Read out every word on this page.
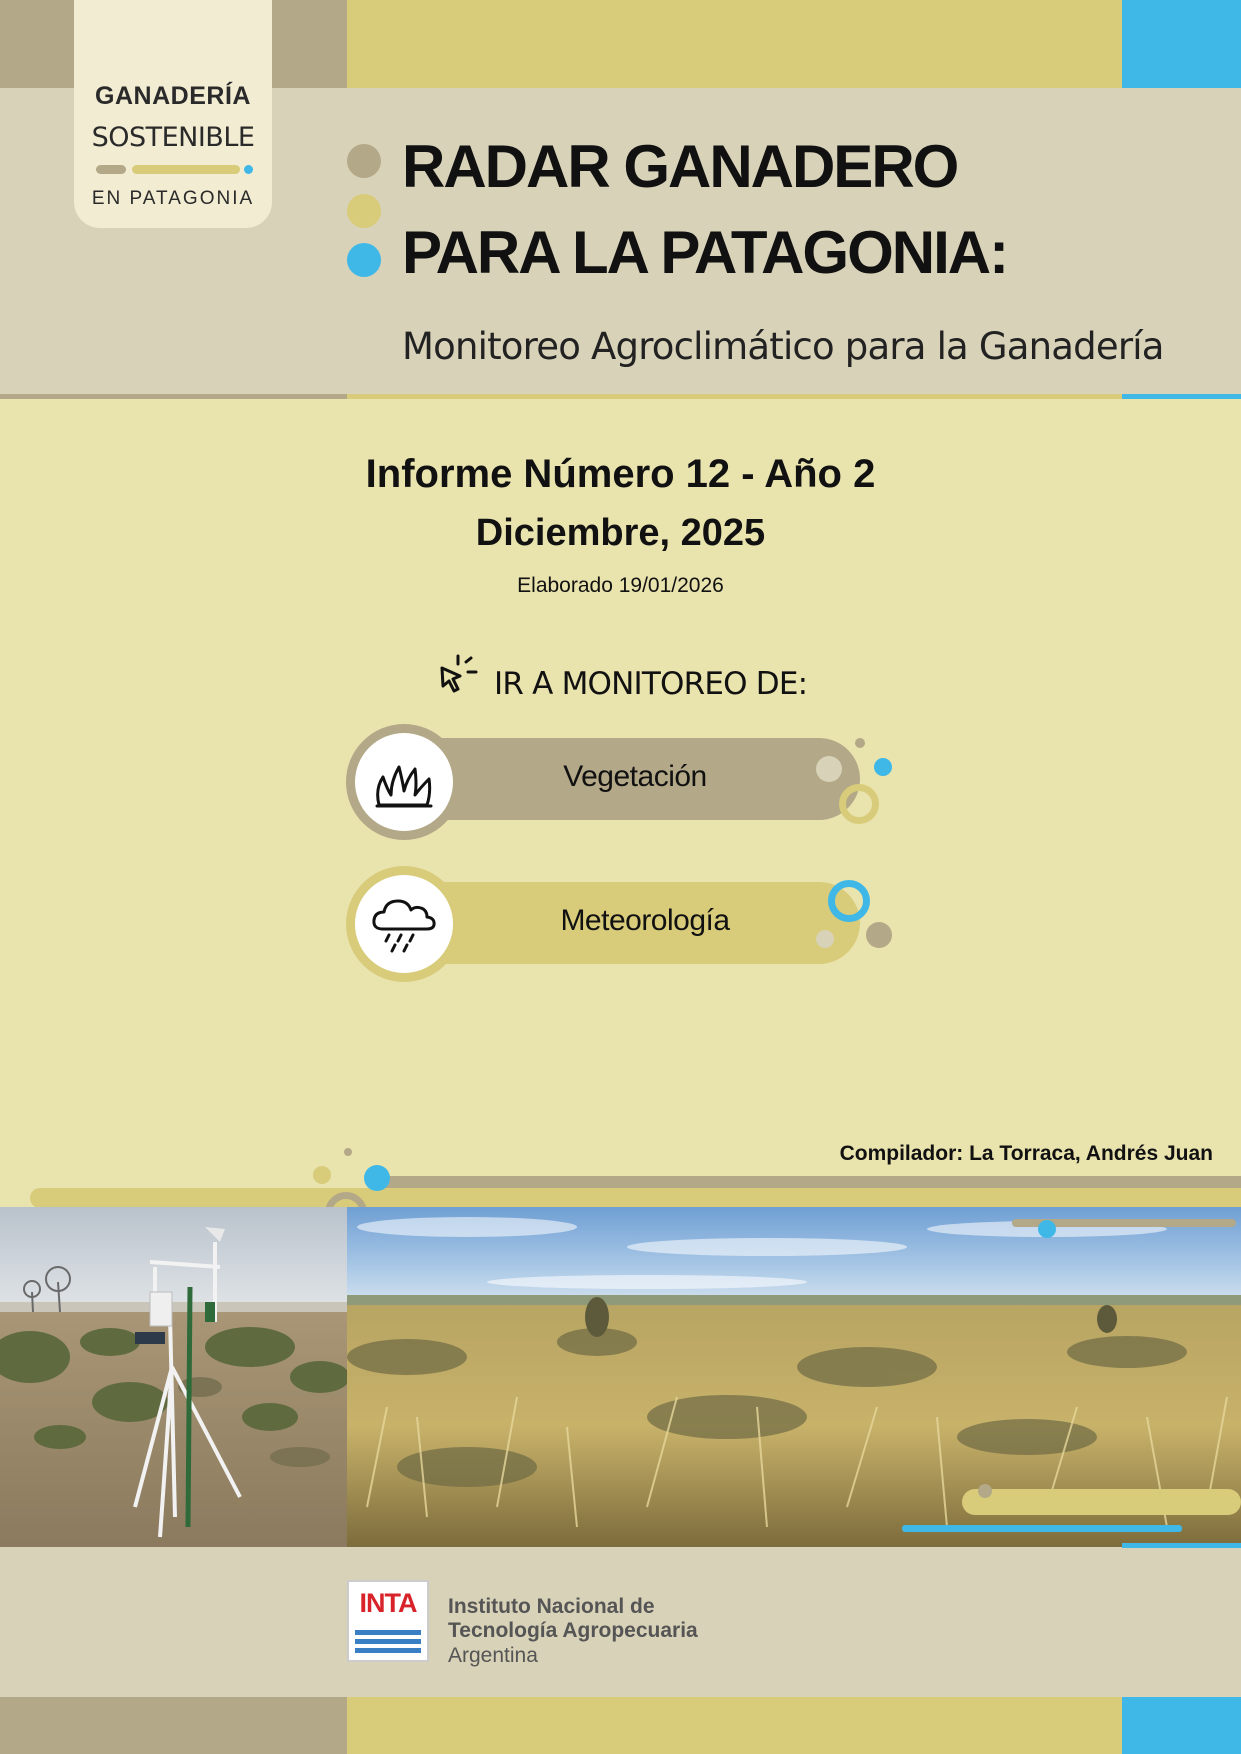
GANADERÍA
SOSTENIBLE
EN PATAGONIA RADAR GANADERO
PARA LA PATAGONIA:
Monitoreo Agroclimático para la Ganadería
Informe Número 12 - Año 2
Diciembre, 2025
Elaborado 19/01/2026
IR A MONITOREO DE:
Vegetación
Meteorología
Compilador: La Torraca, Andrés Juan
INTA	Instituto Nacional de
Tecnología Agropecuaria
Argentina
